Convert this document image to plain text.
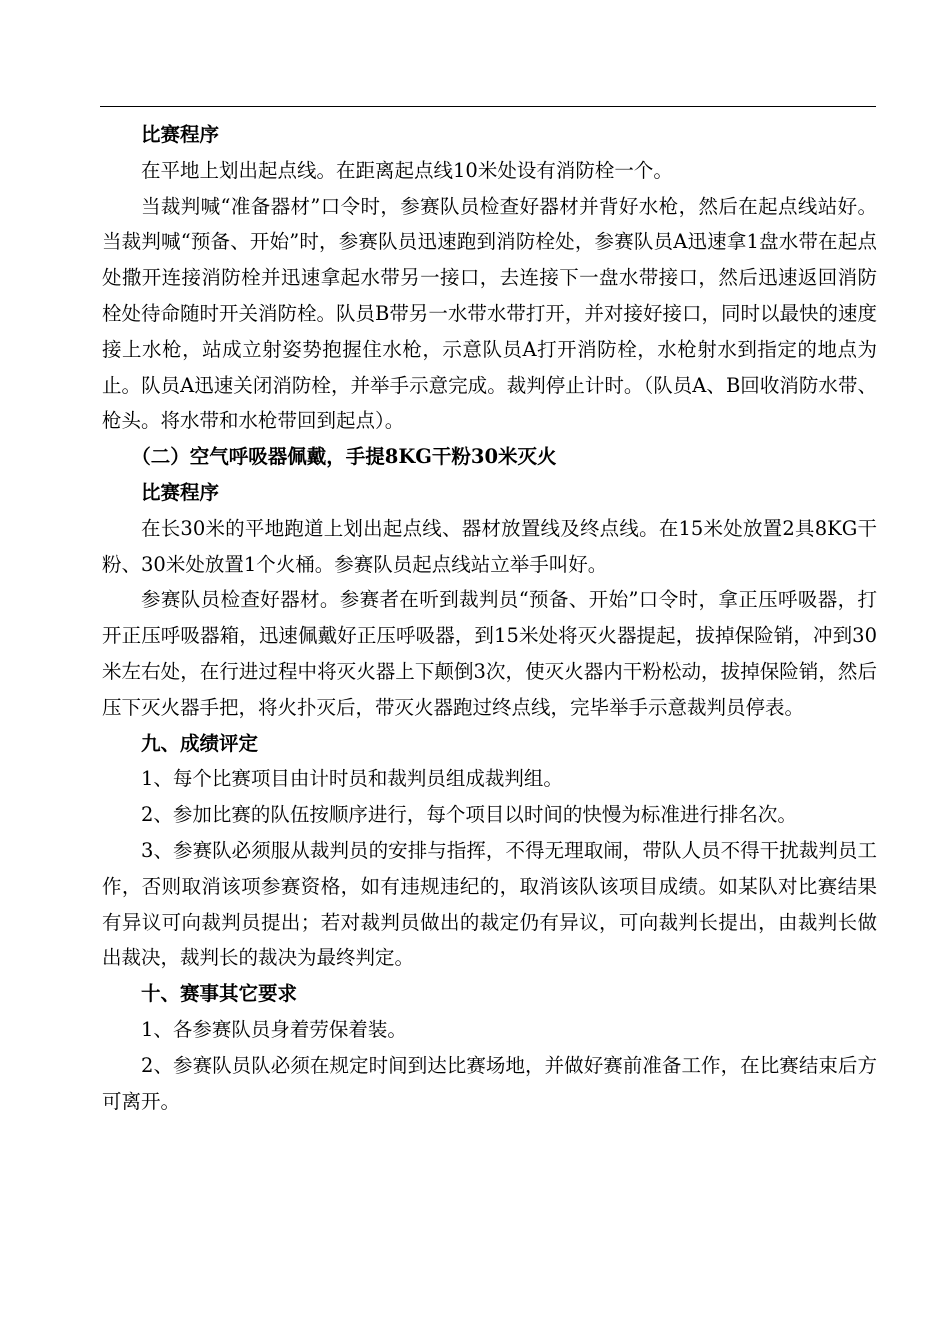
比赛程序

在平地上划出起点线。在距离起点线10米处设有消防栓一个。

当裁判喊“准备器材”口令时，参赛队员检查好器材并背好水枪，然后在起点线站好。当裁判喊“预备、开始”时，参赛队员迅速跑到消防栓处，参赛队员A迅速拿1盘水带在起点处撒开连接消防栓并迅速拿起水带另一接口，去连接下一盘水带接口，然后迅速返回消防栓处待命随时开关消防栓。队员B带另一水带水带打开，并对接好接口，同时以最快的速度接上水枪，站成立射姿势抱握住水枪，示意队员A打开消防栓，水枪射水到指定的地点为止。队员A迅速关闭消防栓，并举手示意完成。裁判停止计时。（队员A、B回收消防水带、枪头。将水带和水枪带回到起点）。

（二）空气呼吸器佩戴，手提8KG干粉30米灭火

比赛程序

在长30米的平地跑道上划出起点线、器材放置线及终点线。在15米处放置2具8KG干粉、30米处放置1个火桶。参赛队员起点线站立举手叫好。

参赛队员检查好器材。参赛者在听到裁判员“预备、开始”口令时，拿正压呼吸器，打开正压呼吸器箱，迅速佩戴好正压呼吸器，到15米处将灭火器提起，拔掉保险销，冲到30米左右处，在行进过程中将灭火器上下颠倒3次，使灭火器内干粉松动，拔掉保险销，然后压下灭火器手把，将火扑灭后，带灭火器跑过终点线，完毕举手示意裁判员停表。

九、成绩评定

1、每个比赛项目由计时员和裁判员组成裁判组。

2、参加比赛的队伍按顺序进行，每个项目以时间的快慢为标准进行排名次。

3、参赛队必须服从裁判员的安排与指挥，不得无理取闹，带队人员不得干扰裁判员工作，否则取消该项参赛资格，如有违规违纪的，取消该队该项目成绩。如某队对比赛结果有异议可向裁判员提出；若对裁判员做出的裁定仍有异议，可向裁判长提出，由裁判长做出裁决，裁判长的裁决为最终判定。

十、赛事其它要求

1、各参赛队员身着劳保着装。

2、参赛队员队必须在规定时间到达比赛场地，并做好赛前准备工作，在比赛结束后方可离开。
